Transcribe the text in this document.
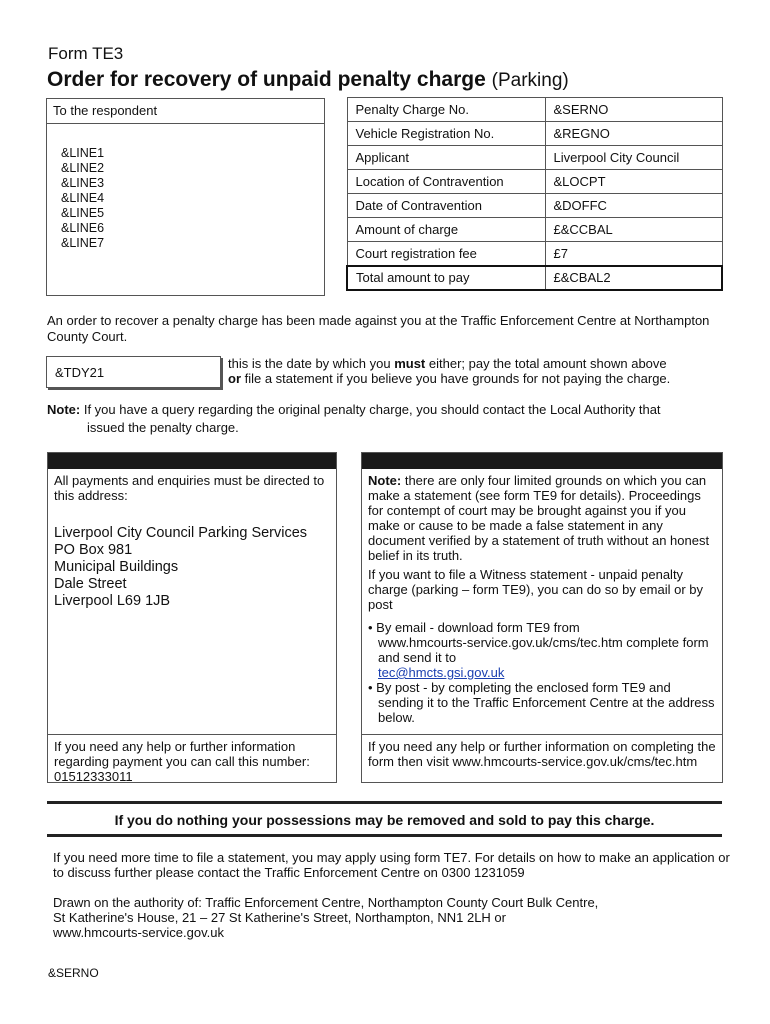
Form TE3
Order for recovery of unpaid penalty charge (Parking)
To the respondent
&LINE1
&LINE2
&LINE3
&LINE4
&LINE5
&LINE6
&LINE7
Penalty Charge No.	&SERNO
Vehicle Registration No.	&REGNO
Applicant	Liverpool City Council
Location of Contravention	&LOCPT
Date of Contravention	&DOFFC
Amount of charge	£&CCBAL
Court registration fee	£7
Total amount to pay	£&CBAL2
An order to recover a penalty charge has been made against you at the Traffic Enforcement Centre at Northampton County Court.
&TDY21
this is the date by which you must either; pay the total amount shown above
or file a statement if you believe you have grounds for not paying the charge.
Note: If you have a query regarding the original penalty charge, you should contact the Local Authority that
issued the penalty charge.
All payments and enquiries must be directed to this address:
Liverpool City Council Parking Services
PO Box 981
Municipal Buildings
Dale Street
Liverpool L69 1JB
If you need any help or further information regarding payment you can call this number: 01512333011
Note: there are only four limited grounds on which you can make a statement (see form TE9 for details). Proceedings for contempt of court may be brought against you if you make or cause to be made a false statement in any document verified by a statement of truth without an honest belief in its truth.
If you want to file a Witness statement - unpaid penalty charge (parking – form TE9), you can do so by email or by post
• By email - download form TE9 from
www.hmcourts-service.gov.uk/cms/tec.htm complete form and send it to
tec@hmcts.gsi.gov.uk
• By post - by completing the enclosed form TE9 and
sending it to the Traffic Enforcement Centre at the address below.
If you need any help or further information on completing the form then visit www.hmcourts-service.gov.uk/cms/tec.htm
If you do nothing your possessions may be removed and sold to pay this charge.
If you need more time to file a statement, you may apply using form TE7. For details on how to make an application or to discuss further please contact the Traffic Enforcement Centre on 0300 1231059
Drawn on the authority of: Traffic Enforcement Centre, Northampton County Court Bulk Centre,
St Katherine's House, 21 – 27 St Katherine's Street, Northampton, NN1 2LH or
www.hmcourts-service.gov.uk
&SERNO
